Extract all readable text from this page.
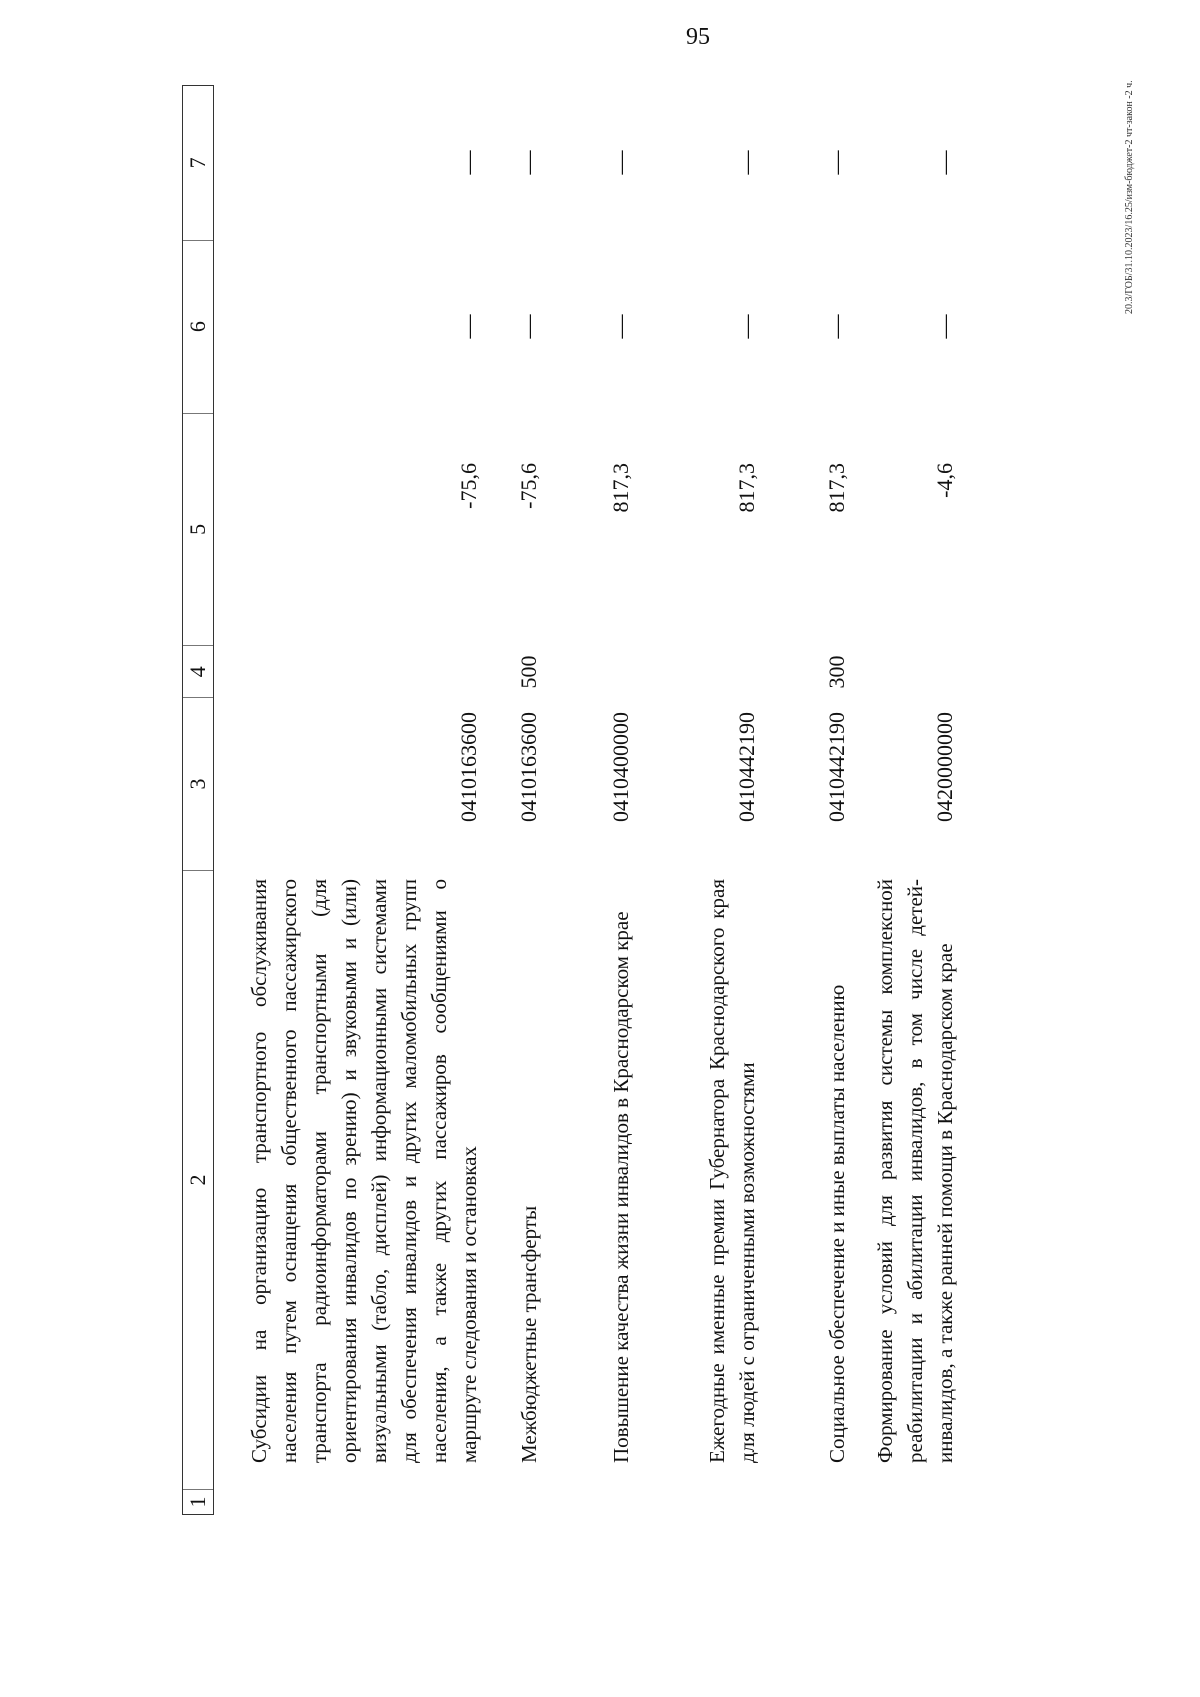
95
20.3/ГОБ/31.10.2023/16.25/изм-бюджет-2 чт-закон -2 ч.
1
2
3
4
5
6
7
Субсидии на организацию транспортного обслуживания населения путем оснащения общественного пассажирского транспорта радиоинформаторами транспортными (для ориентирования инвалидов по зрению) и звуковыми и (или) визуальными (табло, дисплей) информационными системами для обеспечения инвалидов и других маломобильных групп населения, а также других пассажиров сообщениями о маршруте следования и остановках
0410163600
-75,6
—
—
Межбюджетные трансферты
0410163600
500
-75,6
—
—
Повышение качества жизни инвалидов в Краснодарском крае
0410400000
817,3
—
—
Ежегодные именные премии Губернатора Краснодарского края для людей с ограниченными возможностями
0410442190
817,3
—
—
Социальное обеспечение и иные выплаты населению
0410442190
300
817,3
—
—
Формирование условий для развития системы комплексной реабилитации и абилитации инвалидов, в том числе детей-инвалидов, а также ранней помощи в Краснодарском крае
0420000000
-4,6
—
—
